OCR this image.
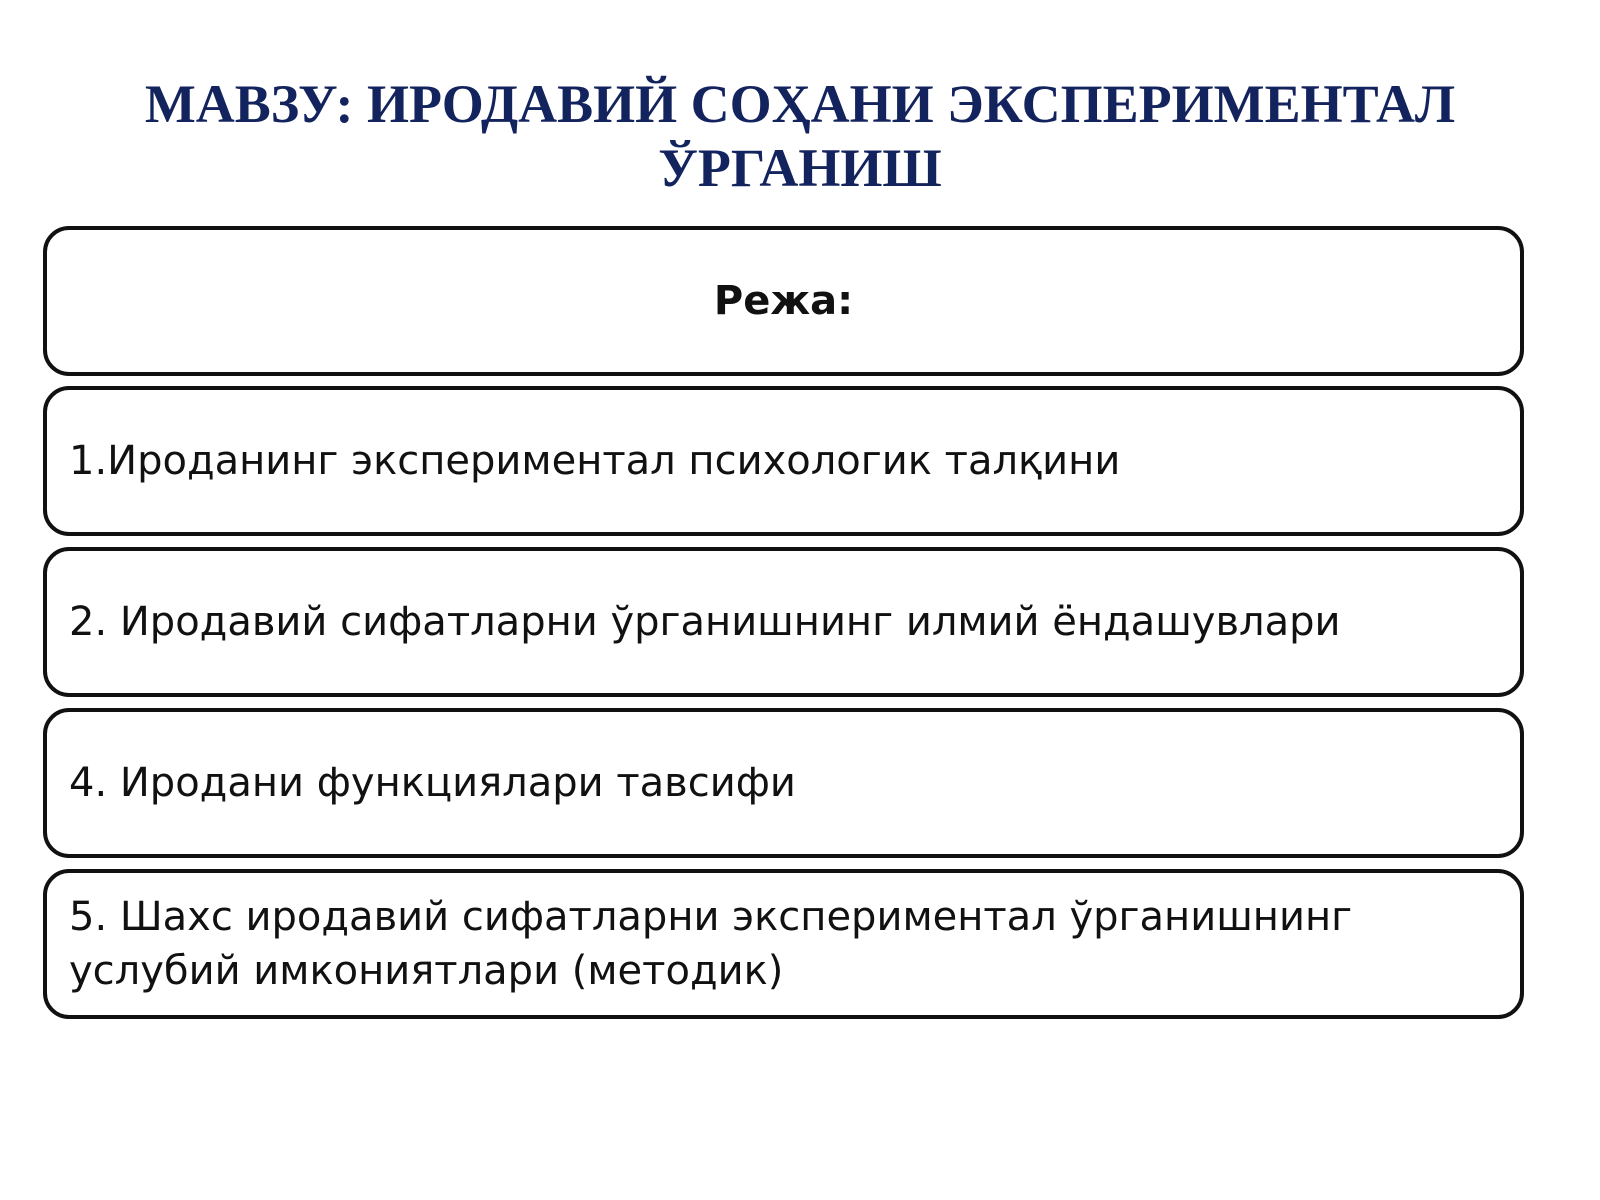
МАВЗУ: ИРОДАВИЙ СОҲАНИ ЭКСПЕРИМЕНТАЛ ЎРГАНИШ
Режа:
1.Иродaнинг экспериментал психологик талқини
2. Иродавий сифатларни ўрганишнинг илмий ёндашувлари
4. Иродани функциялари тавсифи
5. Шахс иродавий сифатларни экспериментал ўрганишнинг услубий имкониятлари (методик)
